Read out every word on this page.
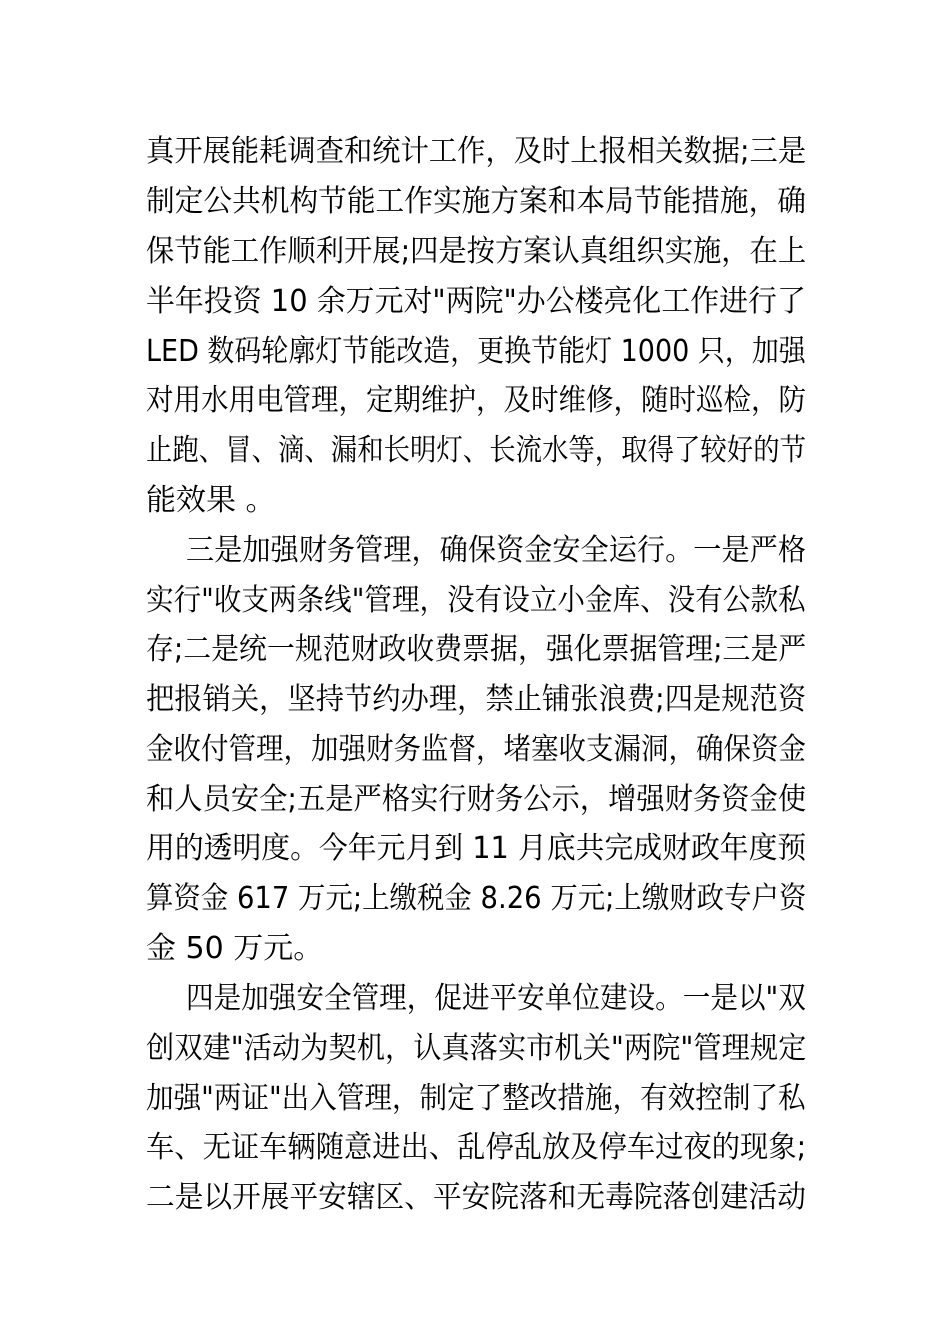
真开展能耗调查和统计工作，及时上报相关数据;三是
制定公共机构节能工作实施方案和本局节能措施，确
保节能工作顺利开展;四是按方案认真组织实施，在上
半年投资 10 余万元对"两院"办公楼亮化工作进行了
LED 数码轮廓灯节能改造，更换节能灯 1000 只，加强
对用水用电管理，定期维护，及时维修，随时巡检，防
止跑、冒、滴、漏和长明灯、长流水等，取得了较好的节
能效果 。
三是加强财务管理，确保资金安全运行。一是严格
实行"收支两条线"管理，没有设立小金库、没有公款私
存;二是统一规范财政收费票据，强化票据管理;三是严
把报销关，坚持节约办理，禁止铺张浪费;四是规范资
金收付管理，加强财务监督，堵塞收支漏洞，确保资金
和人员安全;五是严格实行财务公示，增强财务资金使
用的透明度。今年元月到 11 月底共完成财政年度预
算资金 617 万元;上缴税金 8.26 万元;上缴财政专户资
金 50 万元。
四是加强安全管理，促进平安单位建设。一是以"双
创双建"活动为契机，认真落实市机关"两院"管理规定
加强"两证"出入管理，制定了整改措施，有效控制了私
车、无证车辆随意进出、乱停乱放及停车过夜的现象;
二是以开展平安辖区、平安院落和无毒院落创建活动
